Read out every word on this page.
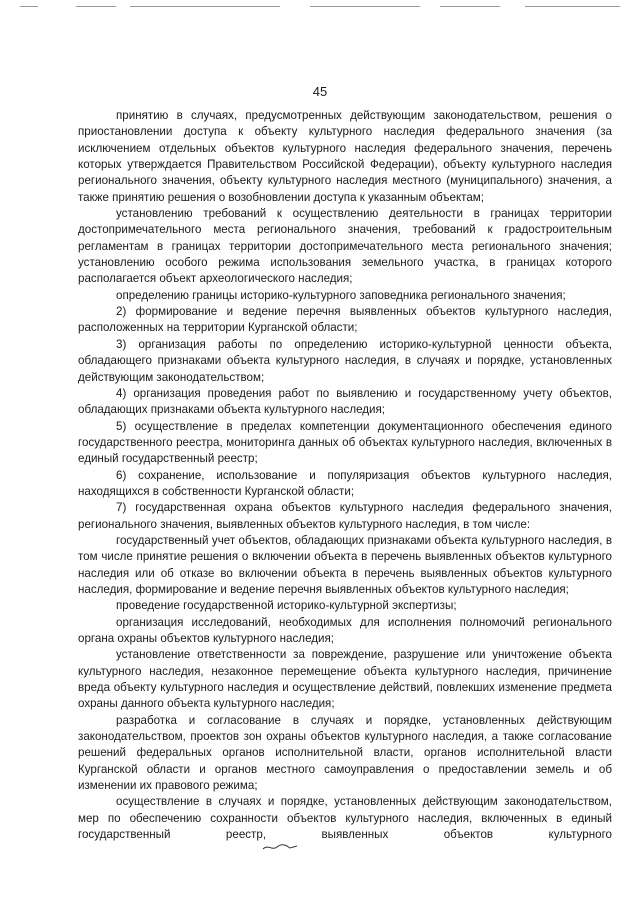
45

принятию в случаях, предусмотренных действующим законодательством, решения о приостановлении доступа к объекту культурного наследия федерального значения (за исключением отдельных объектов культурного наследия федерального значения, перечень которых утверждается Правительством Российской Федерации), объекту культурного наследия регионального значения, объекту культурного наследия местного (муниципального) значения, а также принятию решения о возобновлении доступа к указанным объектам;

установлению требований к осуществлению деятельности в границах территории достопримечательного места регионального значения, требований к градостроительным регламентам в границах территории достопримечательного места регионального значения; установлению особого режима использования земельного участка, в границах которого располагается объект археологического наследия;

определению границы историко-культурного заповедника регионального значения;

2) формирование и ведение перечня выявленных объектов культурного наследия, расположенных на территории Курганской области;

3) организация работы по определению историко-культурной ценности объекта, обладающего признаками объекта культурного наследия, в случаях и порядке, установленных действующим законодательством;

4) организация проведения работ по выявлению и государственному учету объектов, обладающих признаками объекта культурного наследия;

5) осуществление в пределах компетенции документационного обеспечения единого государственного реестра, мониторинга данных об объектах культурного наследия, включенных в единый государственный реестр;

6) сохранение, использование и популяризация объектов культурного наследия, находящихся в собственности Курганской области;

7) государственная охрана объектов культурного наследия федерального значения, регионального значения, выявленных объектов культурного наследия, в том числе:

государственный учет объектов, обладающих признаками объекта культурного наследия, в том числе принятие решения о включении объекта в перечень выявленных объектов культурного наследия или об отказе во включении объекта в перечень выявленных объектов культурного наследия, формирование и ведение перечня выявленных объектов культурного наследия;

проведение государственной историко-культурной экспертизы;

организация исследований, необходимых для исполнения полномочий регионального органа охраны объектов культурного наследия;

установление ответственности за повреждение, разрушение или уничтожение объекта культурного наследия, незаконное перемещение объекта культурного наследия, причинение вреда объекту культурного наследия и осуществление действий, повлекших изменение предмета охраны данного объекта культурного наследия;

разработка и согласование в случаях и порядке, установленных действующим законодательством, проектов зон охраны объектов культурного наследия, а также согласование решений федеральных органов исполнительной власти, органов исполнительной власти Курганской области и органов местного самоуправления о предоставлении земель и об изменении их правового режима;

осуществление в случаях и порядке, установленных действующим законодательством, мер по обеспечению сохранности объектов культурного наследия, включенных в единый государственный реестр, выявленных объектов культурного
